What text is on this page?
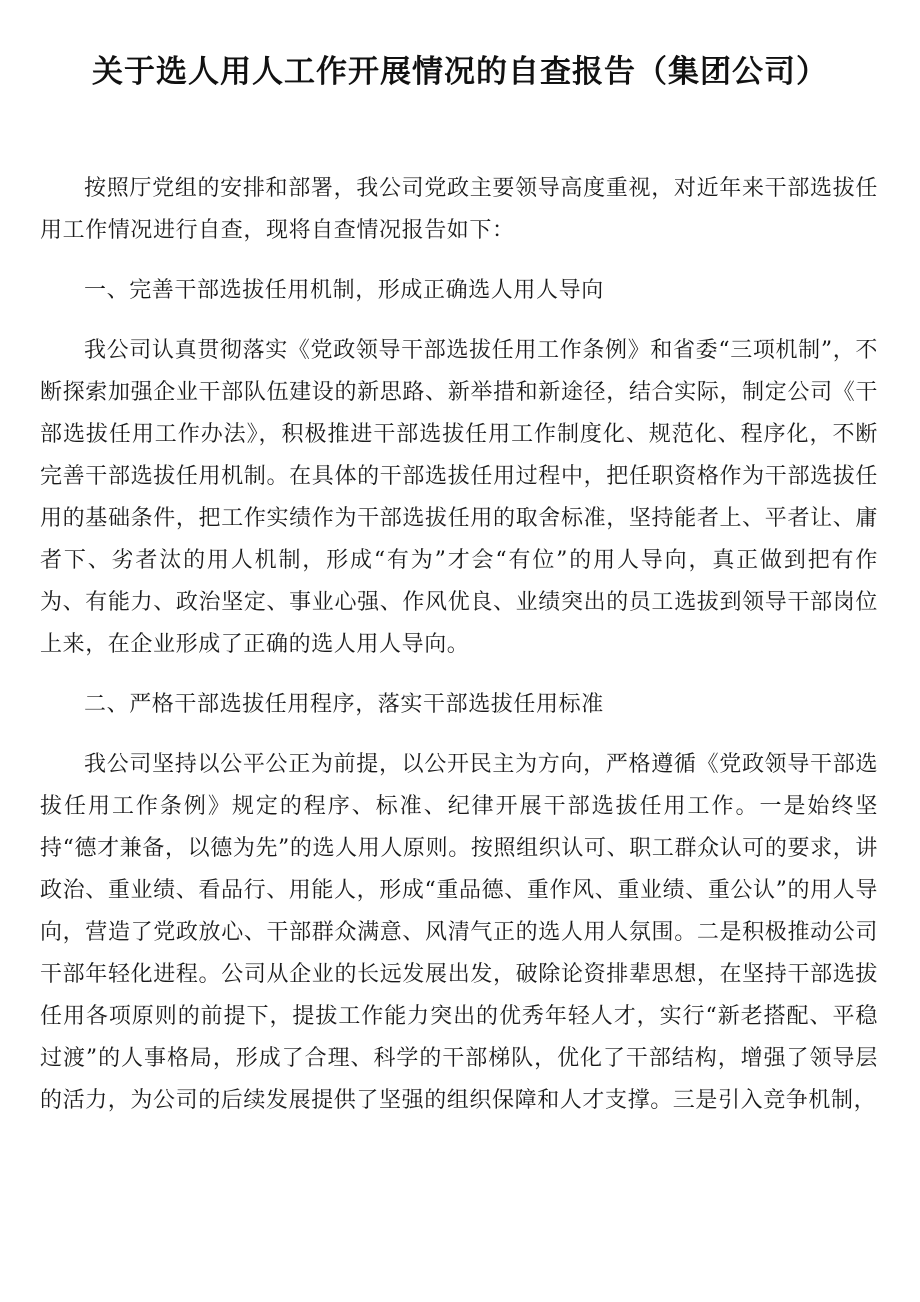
关于选人用人工作开展情况的自查报告（集团公司）

按照厅党组的安排和部署，我公司党政主要领导高度重视，对近年来干部选拔任用工作情况进行自查，现将自查情况报告如下：

一、完善干部选拔任用机制，形成正确选人用人导向

我公司认真贯彻落实《党政领导干部选拔任用工作条例》和省委“三项机制”，不断探索加强企业干部队伍建设的新思路、新举措和新途径，结合实际，制定公司《干部选拔任用工作办法》，积极推进干部选拔任用工作制度化、规范化、程序化，不断完善干部选拔任用机制。在具体的干部选拔任用过程中，把任职资格作为干部选拔任用的基础条件，把工作实绩作为干部选拔任用的取舍标准，坚持能者上、平者让、庸者下、劣者汰的用人机制，形成“有为”才会“有位”的用人导向，真正做到把有作为、有能力、政治坚定、事业心强、作风优良、业绩突出的员工选拔到领导干部岗位上来，在企业形成了正确的选人用人导向。

二、严格干部选拔任用程序，落实干部选拔任用标准

我公司坚持以公平公正为前提，以公开民主为方向，严格遵循《党政领导干部选拔任用工作条例》规定的程序、标准、纪律开展干部选拔任用工作。一是始终坚持“德才兼备，以德为先”的选人用人原则。按照组织认可、职工群众认可的要求，讲政治、重业绩、看品行、用能人，形成“重品德、重作风、重业绩、重公认”的用人导向，营造了党政放心、干部群众满意、风清气正的选人用人氛围。二是积极推动公司干部年轻化进程。公司从企业的长远发展出发，破除论资排辈思想，在坚持干部选拔任用各项原则的前提下，提拔工作能力突出的优秀年轻人才，实行“新老搭配、平稳过渡”的人事格局，形成了合理、科学的干部梯队，优化了干部结构，增强了领导层的活力，为公司的后续发展提供了坚强的组织保障和人才支撑。三是引入竞争机制，
